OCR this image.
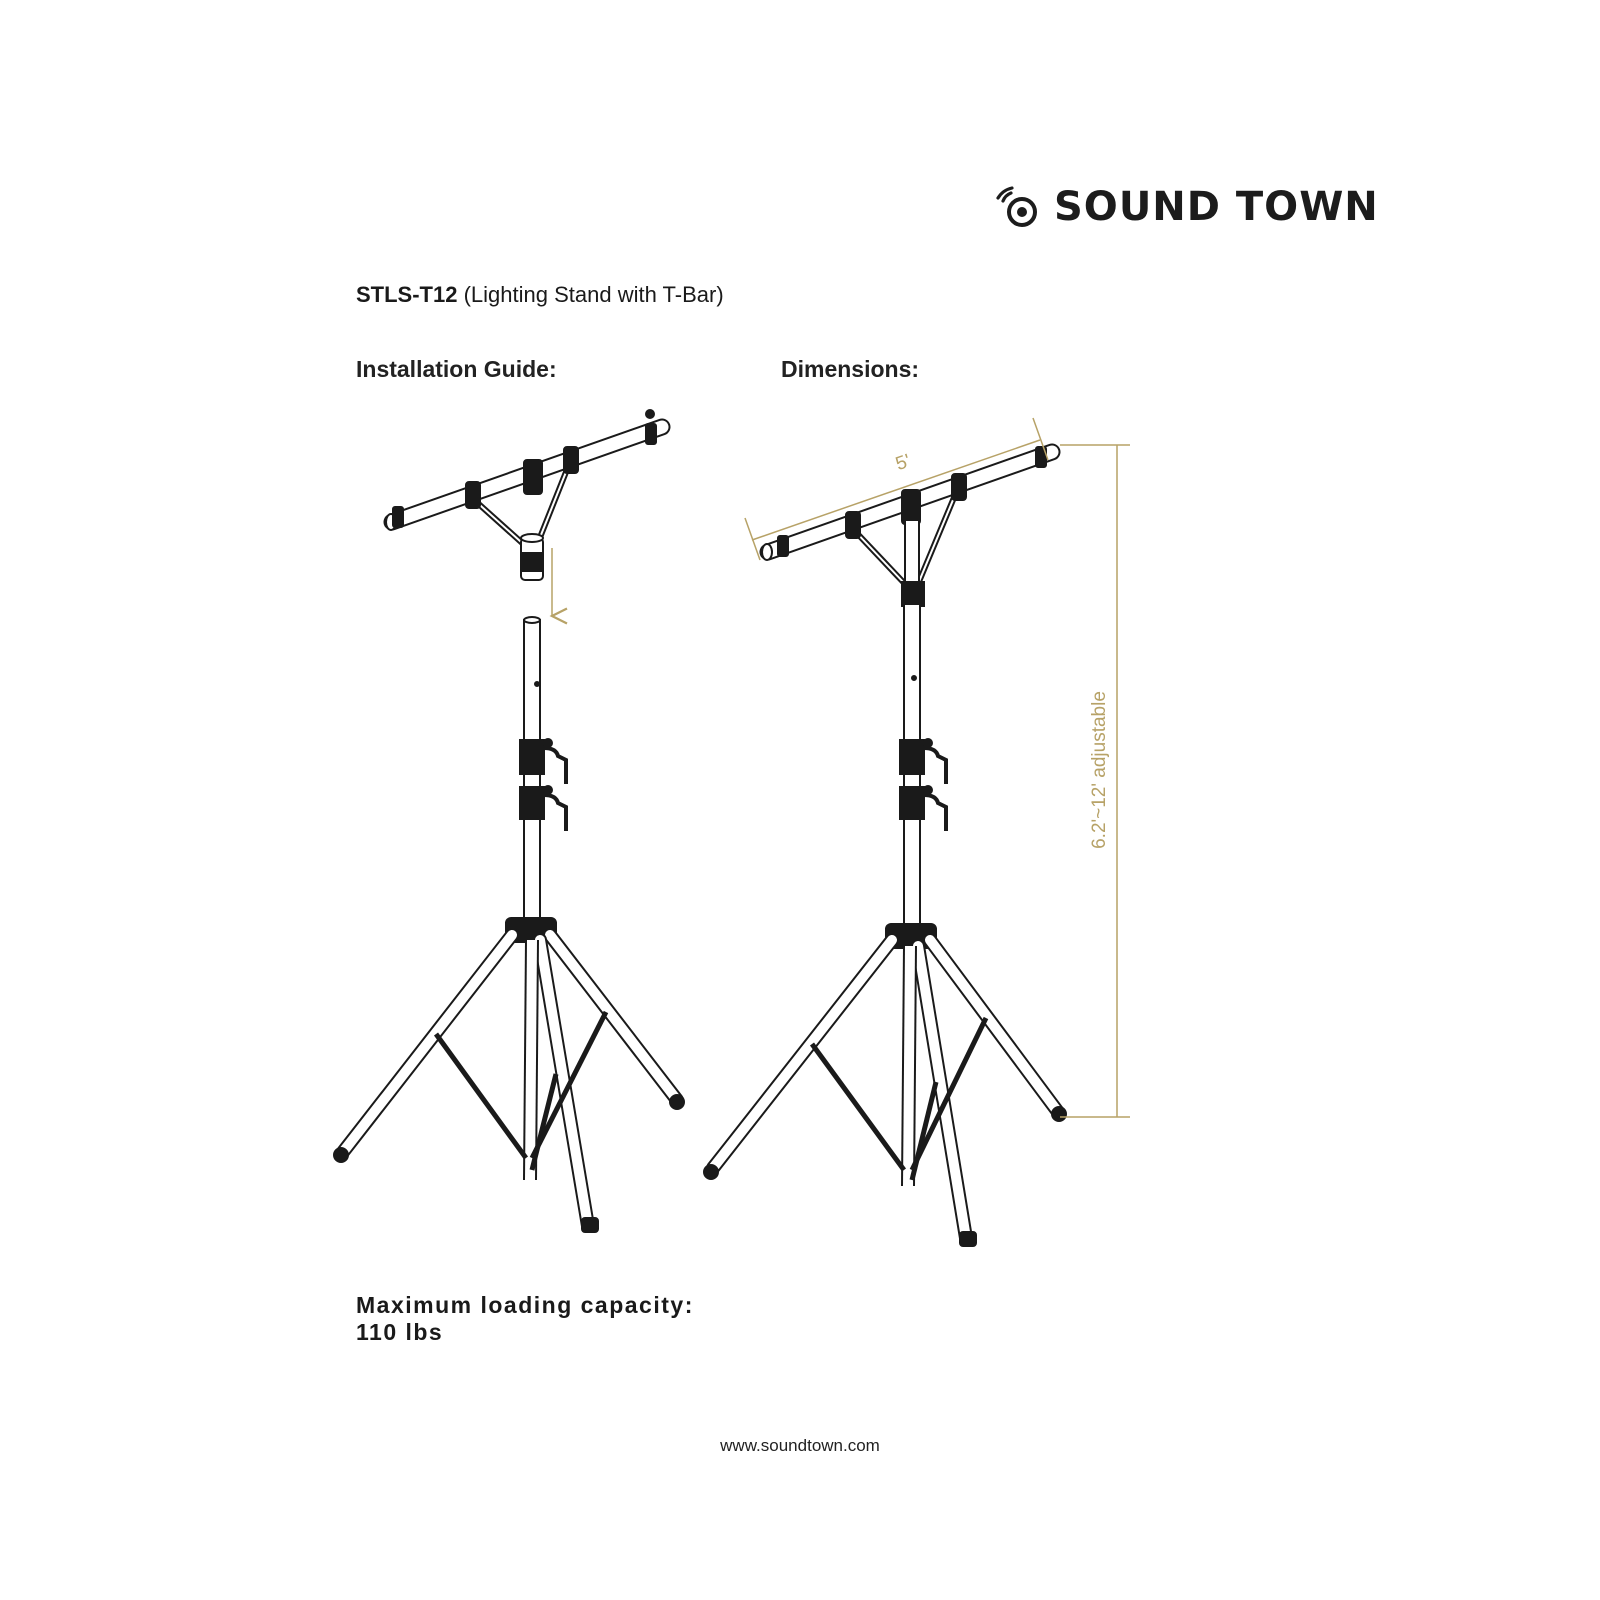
SOUND TOWN
STLS-T12 (Lighting Stand with T-Bar)
Installation Guide:	Dimensions:
5'
6.2'~12' adjustable
Maximum loading capacity:
110 lbs
www.soundtown.com
